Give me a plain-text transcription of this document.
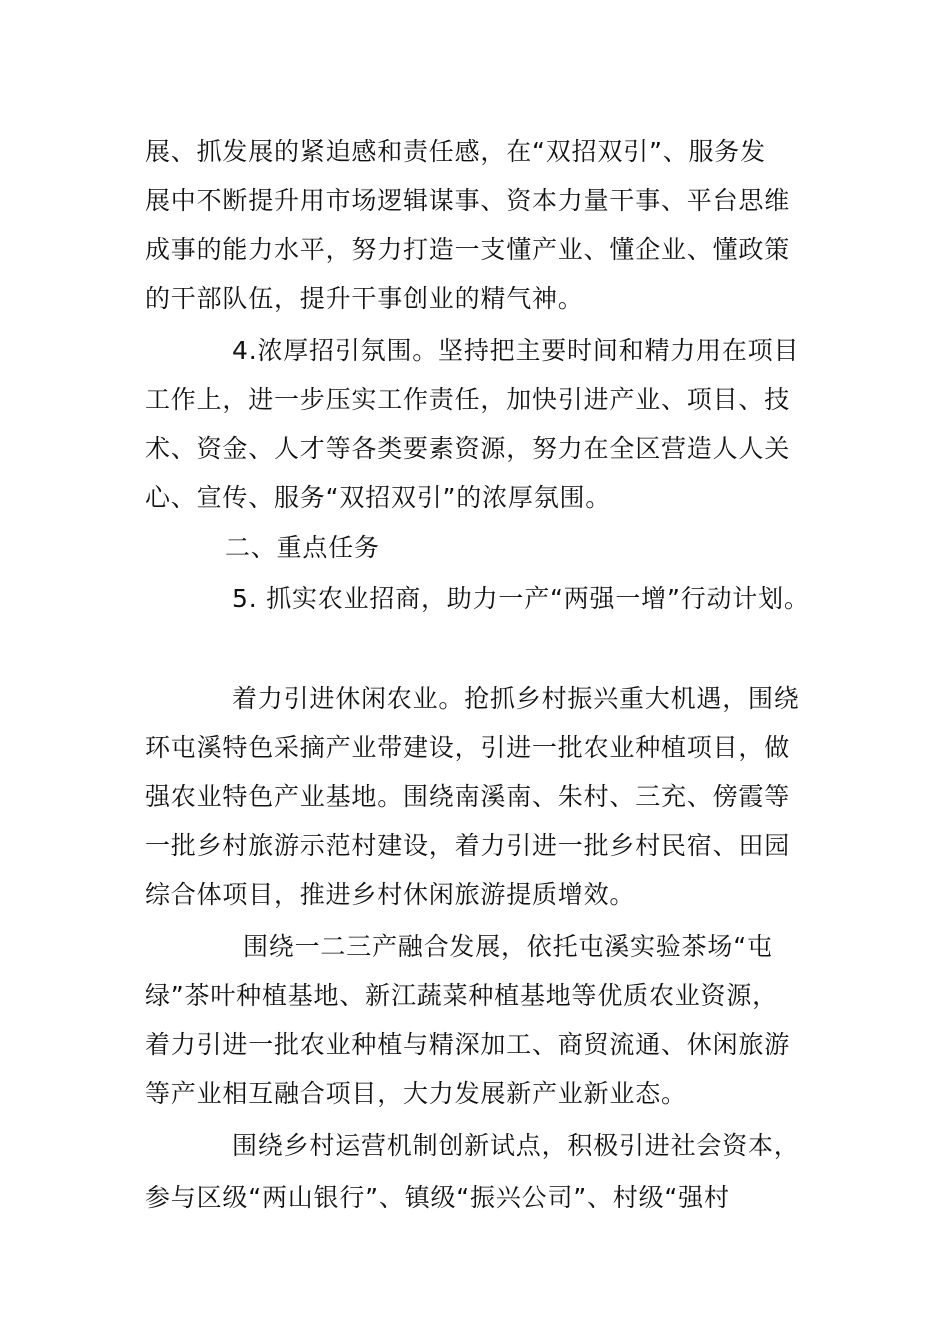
展、抓发展的紧迫感和责任感，在“双招双引”、服务发
展中不断提升用市场逻辑谋事、资本力量干事、平台思维
成事的能力水平，努力打造一支懂产业、懂企业、懂政策
的干部队伍，提升干事创业的精气神。
4.浓厚招引氛围。坚持把主要时间和精力用在项目
工作上，进一步压实工作责任，加快引进产业、项目、技
术、资金、人才等各类要素资源，努力在全区营造人人关
心、宣传、服务“双招双引”的浓厚氛围。
二、重点任务
5. 抓实农业招商，助力一产“两强一增”行动计划。
着力引进休闲农业。抢抓乡村振兴重大机遇，围绕
环屯溪特色采摘产业带建设，引进一批农业种植项目，做
强农业特色产业基地。围绕南溪南、朱村、三充、傍霞等
一批乡村旅游示范村建设，着力引进一批乡村民宿、田园
综合体项目，推进乡村休闲旅游提质增效。
围绕一二三产融合发展，依托屯溪实验茶场“屯
绿”茶叶种植基地、新江蔬菜种植基地等优质农业资源，
着力引进一批农业种植与精深加工、商贸流通、休闲旅游
等产业相互融合项目，大力发展新产业新业态。
围绕乡村运营机制创新试点，积极引进社会资本，
参与区级“两山银行”、镇级“振兴公司”、村级“强村
